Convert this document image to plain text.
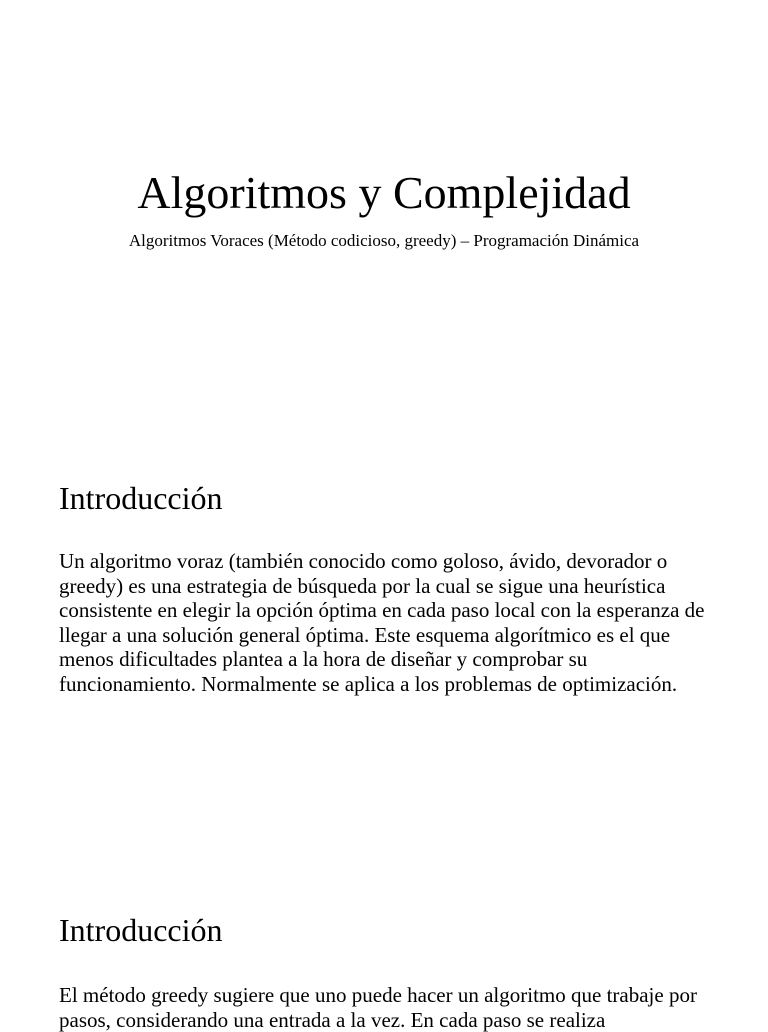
Algoritmos y Complejidad

Algoritmos Voraces (Método codicioso, greedy) – Programación Dinámica

Introducción

Un algoritmo voraz (también conocido como goloso, ávido, devorador o greedy) es una estrategia de búsqueda por la cual se sigue una heurística consistente en elegir la opción óptima en cada paso local con la esperanza de llegar a una solución general óptima. Este esquema algorítmico es el que menos dificultades plantea a la hora de diseñar y comprobar su funcionamiento. Normalmente se aplica a los problemas de optimización.

Introducción

El método greedy sugiere que uno puede hacer un algoritmo que trabaje por pasos, considerando una entrada a la vez. En cada paso se realiza
